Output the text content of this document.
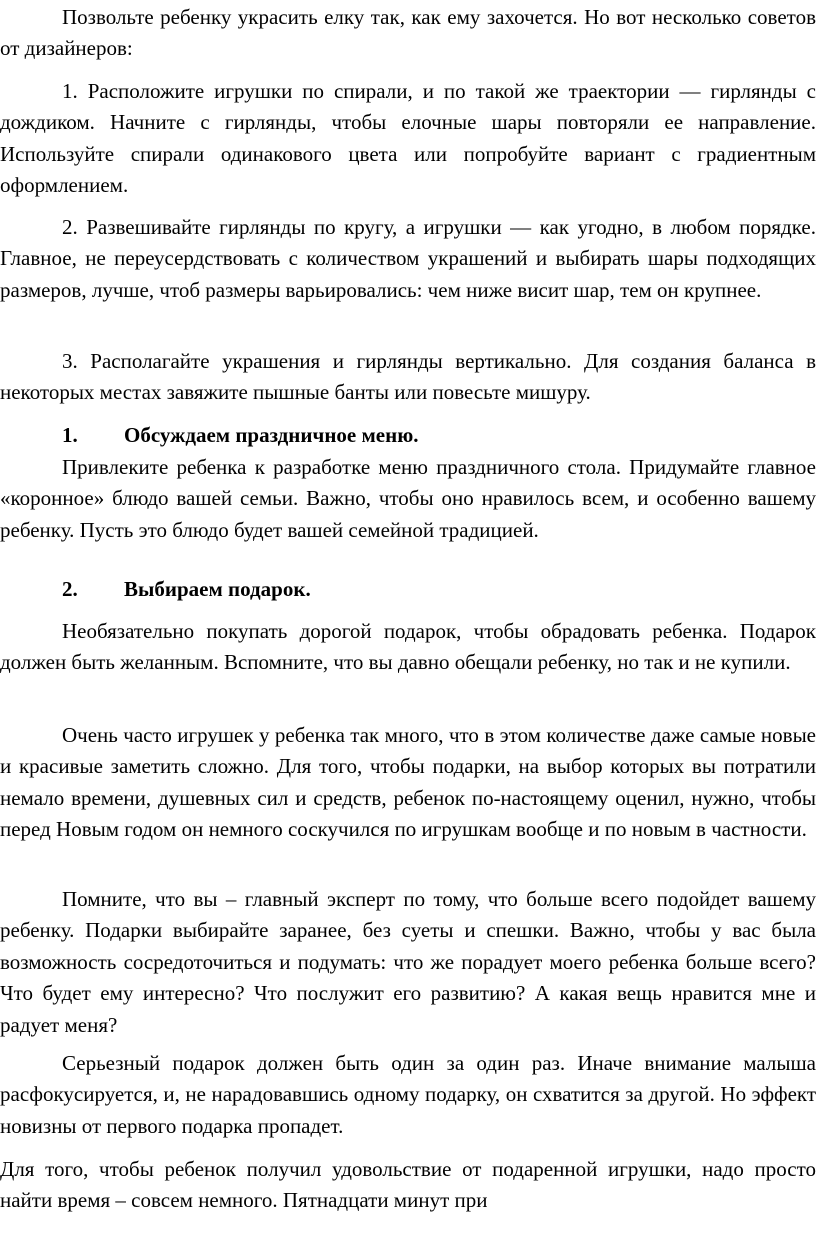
Позвольте ребенку украсить елку так, как ему захочется. Но вот несколько советов от дизайнеров:

1. Расположите игрушки по спирали, и по такой же траектории — гирлянды с дождиком. Начните с гирлянды, чтобы елочные шары повторяли ее направление. Используйте спирали одинакового цвета или попробуйте вариант с градиентным оформлением.

2. Развешивайте гирлянды по кругу, а игрушки — как угодно, в любом порядке. Главное, не переусердствовать с количеством украшений и выбирать шары подходящих размеров, лучше, чтоб размеры варьировались: чем ниже висит шар, тем он крупнее.

3. Располагайте украшения и гирлянды вертикально. Для создания баланса в некоторых местах завяжите пышные банты или повесьте мишуру.

1. Обсуждаем праздничное меню.

Привлеките ребенка к разработке меню праздничного стола. Придумайте главное «коронное» блюдо вашей семьи. Важно, чтобы оно нравилось всем, и особенно вашему ребенку. Пусть это блюдо будет вашей семейной традицией.

2. Выбираем подарок.

Необязательно покупать дорогой подарок, чтобы обрадовать ребенка. Подарок должен быть желанным. Вспомните, что вы давно обещали ребенку, но так и не купили.

Очень часто игрушек у ребенка так много, что в этом количестве даже самые новые и красивые заметить сложно. Для того, чтобы подарки, на выбор которых вы потратили немало времени, душевных сил и средств, ребенок по-настоящему оценил, нужно, чтобы перед Новым годом он немного соскучился по игрушкам вообще и по новым в частности.

Помните, что вы – главный эксперт по тому, что больше всего подойдет вашему ребенку. Подарки выбирайте заранее, без суеты и спешки. Важно, чтобы у вас была возможность сосредоточиться и подумать: что же порадует моего ребенка больше всего? Что будет ему интересно? Что послужит его развитию? А какая вещь нравится мне и радует меня?

Серьезный подарок должен быть один за один раз. Иначе внимание малыша расфокусируется, и, не нарадовавшись одному подарку, он схватится за другой. Но эффект новизны от первого подарка пропадет.

Для того, чтобы ребенок получил удовольствие от подаренной игрушки, надо просто найти время – совсем немного. Пятнадцати минут при
